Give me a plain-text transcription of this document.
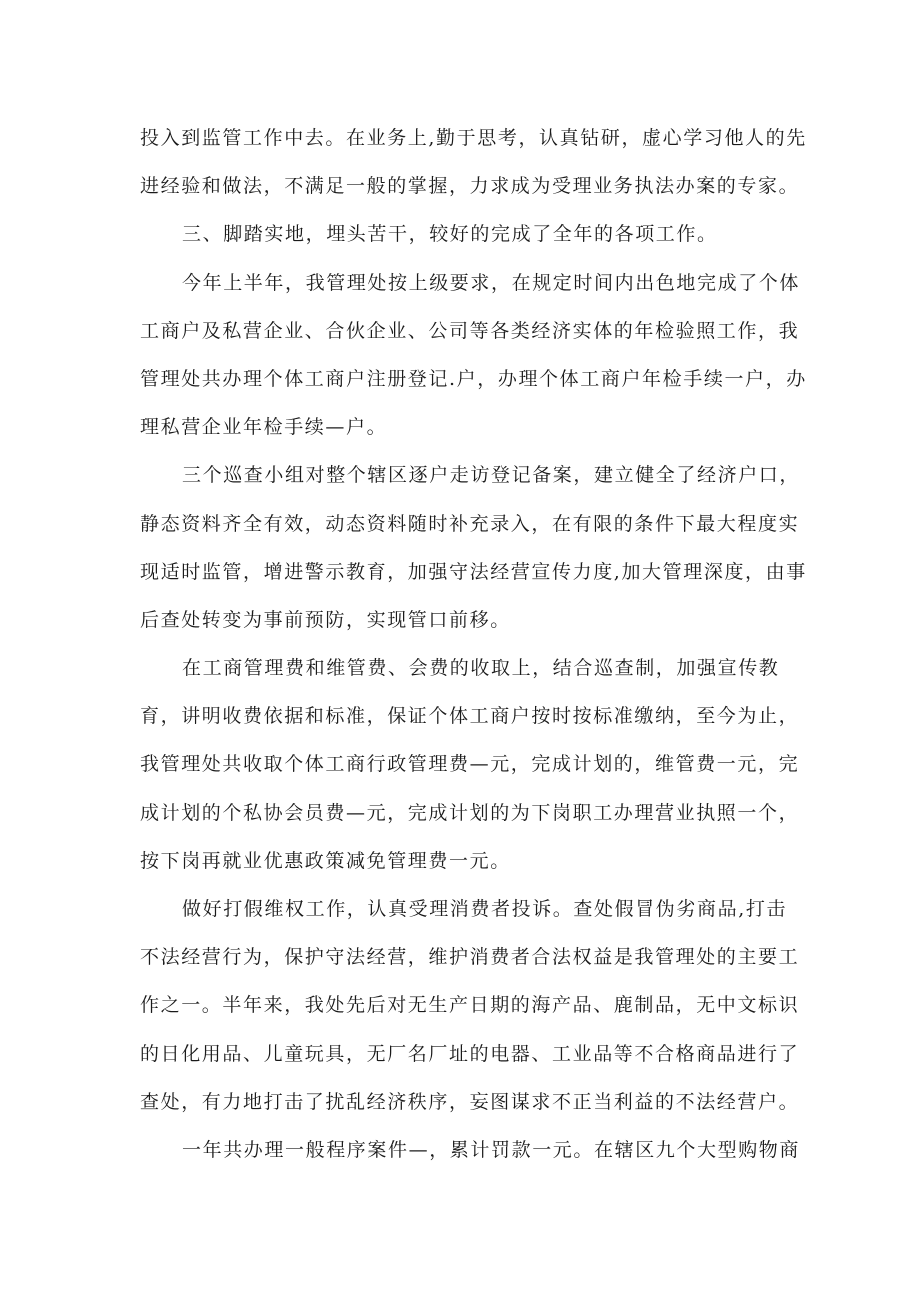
投入到监管工作中去。在业务上,勤于思考，认真钻研，虚心学习他人的先
进经验和做法，不满足一般的掌握，力求成为受理业务执法办案的专家。
三、脚踏实地，埋头苦干，较好的完成了全年的各项工作。
今年上半年，我管理处按上级要求，在规定时间内出色地完成了个体
工商户及私营企业、合伙企业、公司等各类经济实体的年检验照工作，我
管理处共办理个体工商户注册登记.户，办理个体工商户年检手续一户，办
理私营企业年检手续—户。
三个巡查小组对整个辖区逐户走访登记备案，建立健全了经济户口，
静态资料齐全有效，动态资料随时补充录入，在有限的条件下最大程度实
现适时监管，增进警示教育，加强守法经营宣传力度,加大管理深度，由事
后查处转变为事前预防，实现管口前移。
在工商管理费和维管费、会费的收取上，结合巡查制，加强宣传教
育，讲明收费依据和标准，保证个体工商户按时按标准缴纳，至今为止，
我管理处共收取个体工商行政管理费—元，完成计划的，维管费一元，完
成计划的个私协会员费—元，完成计划的为下岗职工办理营业执照一个，
按下岗再就业优惠政策减免管理费一元。
做好打假维权工作，认真受理消费者投诉。查处假冒伪劣商品,打击
不法经营行为，保护守法经营，维护消费者合法权益是我管理处的主要工
作之一。半年来，我处先后对无生产日期的海产品、鹿制品，无中文标识
的日化用品、儿童玩具，无厂名厂址的电器、工业品等不合格商品进行了
查处，有力地打击了扰乱经济秩序，妄图谋求不正当利益的不法经营户。
一年共办理一般程序案件—，累计罚款一元。在辖区九个大型购物商
